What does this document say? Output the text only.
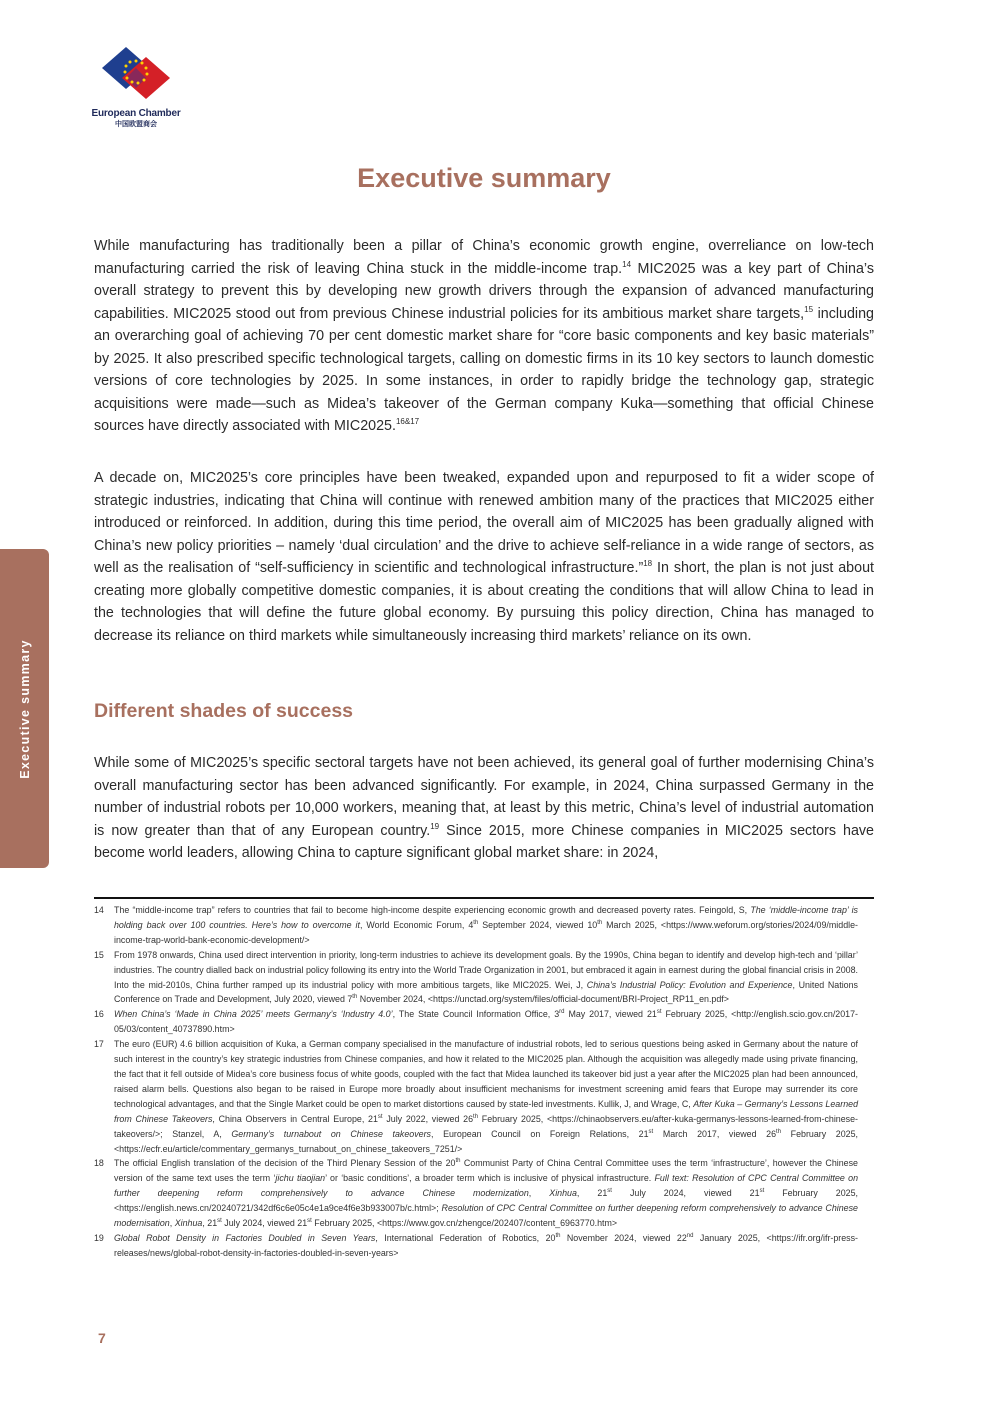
European Chamber
中国欧盟商会
Executive summary
Executive summary

While manufacturing has traditionally been a pillar of China’s economic growth engine, overreliance on low-tech manufacturing carried the risk of leaving China stuck in the middle-income trap.$^{14}$ MIC2025 was a key part of China’s overall strategy to prevent this by developing new growth drivers through the expansion of advanced manufacturing capabilities. MIC2025 stood out from previous Chinese industrial policies for its ambitious market share targets,$^{15}$ including an overarching goal of achieving 70 per cent domestic market share for “core basic components and key basic materials” by 2025. It also prescribed specific technological targets, calling on domestic firms in its 10 key sectors to launch domestic versions of core technologies by 2025. In some instances, in order to rapidly bridge the technology gap, strategic acquisitions were made—such as Midea’s takeover of the German company Kuka—something that official Chinese sources have directly associated with MIC2025.$^{16\&17}$

A decade on, MIC2025’s core principles have been tweaked, expanded upon and repurposed to fit a wider scope of strategic industries, indicating that China will continue with renewed ambition many of the practices that MIC2025 either introduced or reinforced. In addition, during this time period, the overall aim of MIC2025 has been gradually aligned with China’s new policy priorities – namely ‘dual circulation’ and the drive to achieve self-reliance in a wide range of sectors, as well as the realisation of “self-sufficiency in scientific and technological infrastructure.”$^{18}$ In short, the plan is not just about creating more globally competitive domestic companies, it is about creating the conditions that will allow China to lead in the technologies that will define the future global economy. By pursuing this policy direction, China has managed to decrease its reliance on third markets while simultaneously increasing third markets’ reliance on its own.

Different shades of success

While some of MIC2025’s specific sectoral targets have not been achieved, its general goal of further modernising China’s overall manufacturing sector has been advanced significantly. For example, in 2024, China surpassed Germany in the number of industrial robots per 10,000 workers, meaning that, at least by this metric, China’s level of industrial automation is now greater than that of any European country.$^{19}$ Since 2015, more Chinese companies in MIC2025 sectors have become world leaders, allowing China to capture significant global market share: in 2024,

14	The “middle-income trap” refers to countries that fail to become high-income despite experiencing economic growth and decreased poverty rates. Feingold, S, The ‘middle-income trap’ is holding back over 100 countries. Here’s how to overcome it, World Economic Forum, 4th September 2024, viewed 10th March 2025, <https://www.weforum.org/stories/2024/09/middle-income-trap-world-bank-economic-development/>
15	From 1978 onwards, China used direct intervention in priority, long-term industries to achieve its development goals. By the 1990s, China began to identify and develop high-tech and ‘pillar’ industries. The country dialled back on industrial policy following its entry into the World Trade Organization in 2001, but embraced it again in earnest during the global financial crisis in 2008. Into the mid-2010s, China further ramped up its industrial policy with more ambitious targets, like MIC2025. Wei, J, China’s Industrial Policy: Evolution and Experience, United Nations Conference on Trade and Development, July 2020, viewed 7th November 2024, <https://unctad.org/system/files/official-document/BRI-Project_RP11_en.pdf>
16	When China’s ‘Made in China 2025’ meets Germany’s ‘Industry 4.0’, The State Council Information Office, 3rd May 2017, viewed 21st February 2025, <http://english.scio.gov.cn/2017-05/03/content_40737890.htm>
17	The euro (EUR) 4.6 billion acquisition of Kuka, a German company specialised in the manufacture of industrial robots, led to serious questions being asked in Germany about the nature of such interest in the country’s key strategic industries from Chinese companies, and how it related to the MIC2025 plan. Although the acquisition was allegedly made using private financing, the fact that it fell outside of Midea’s core business focus of white goods, coupled with the fact that Midea launched its takeover bid just a year after the MIC2025 plan had been announced, raised alarm bells. Questions also began to be raised in Europe more broadly about insufficient mechanisms for investment screening amid fears that Europe may surrender its core technological advantages, and that the Single Market could be open to market distortions caused by state-led investments. Kullik, J, and Wrage, C, After Kuka – Germany’s Lessons Learned from Chinese Takeovers, China Observers in Central Europe, 21st July 2022, viewed 26th February 2025, <https://chinaobservers.eu/after-kuka-germanys-lessons-learned-from-chinese-takeovers/>; Stanzel, A, Germany’s turnabout on Chinese takeovers, European Council on Foreign Relations, 21st March 2017, viewed 26th February 2025, <https://ecfr.eu/article/commentary_germanys_turnabout_on_chinese_takeovers_7251/>
18	The official English translation of the decision of the Third Plenary Session of the 20th Communist Party of China Central Committee uses the term ‘infrastructure’, however the Chinese version of the same text uses the term ‘jichu tiaojian’ or ‘basic conditions’, a broader term which is inclusive of physical infrastructure. Full text: Resolution of CPC Central Committee on further deepening reform comprehensively to advance Chinese modernization, Xinhua, 21st July 2024, viewed 21st February 2025, <https://english.news.cn/20240721/342df6c6e05c4e1a9ce4f6e3b933007b/c.html>; Resolution of CPC Central Committee on further deepening reform comprehensively to advance Chinese modernisation, Xinhua, 21st July 2024, viewed 21st February 2025, <https://www.gov.cn/zhengce/202407/content_6963770.htm>
19	Global Robot Density in Factories Doubled in Seven Years, International Federation of Robotics, 20th November 2024, viewed 22nd January 2025, <https://ifr.org/ifr-press-releases/news/global-robot-density-in-factories-doubled-in-seven-years>
7
